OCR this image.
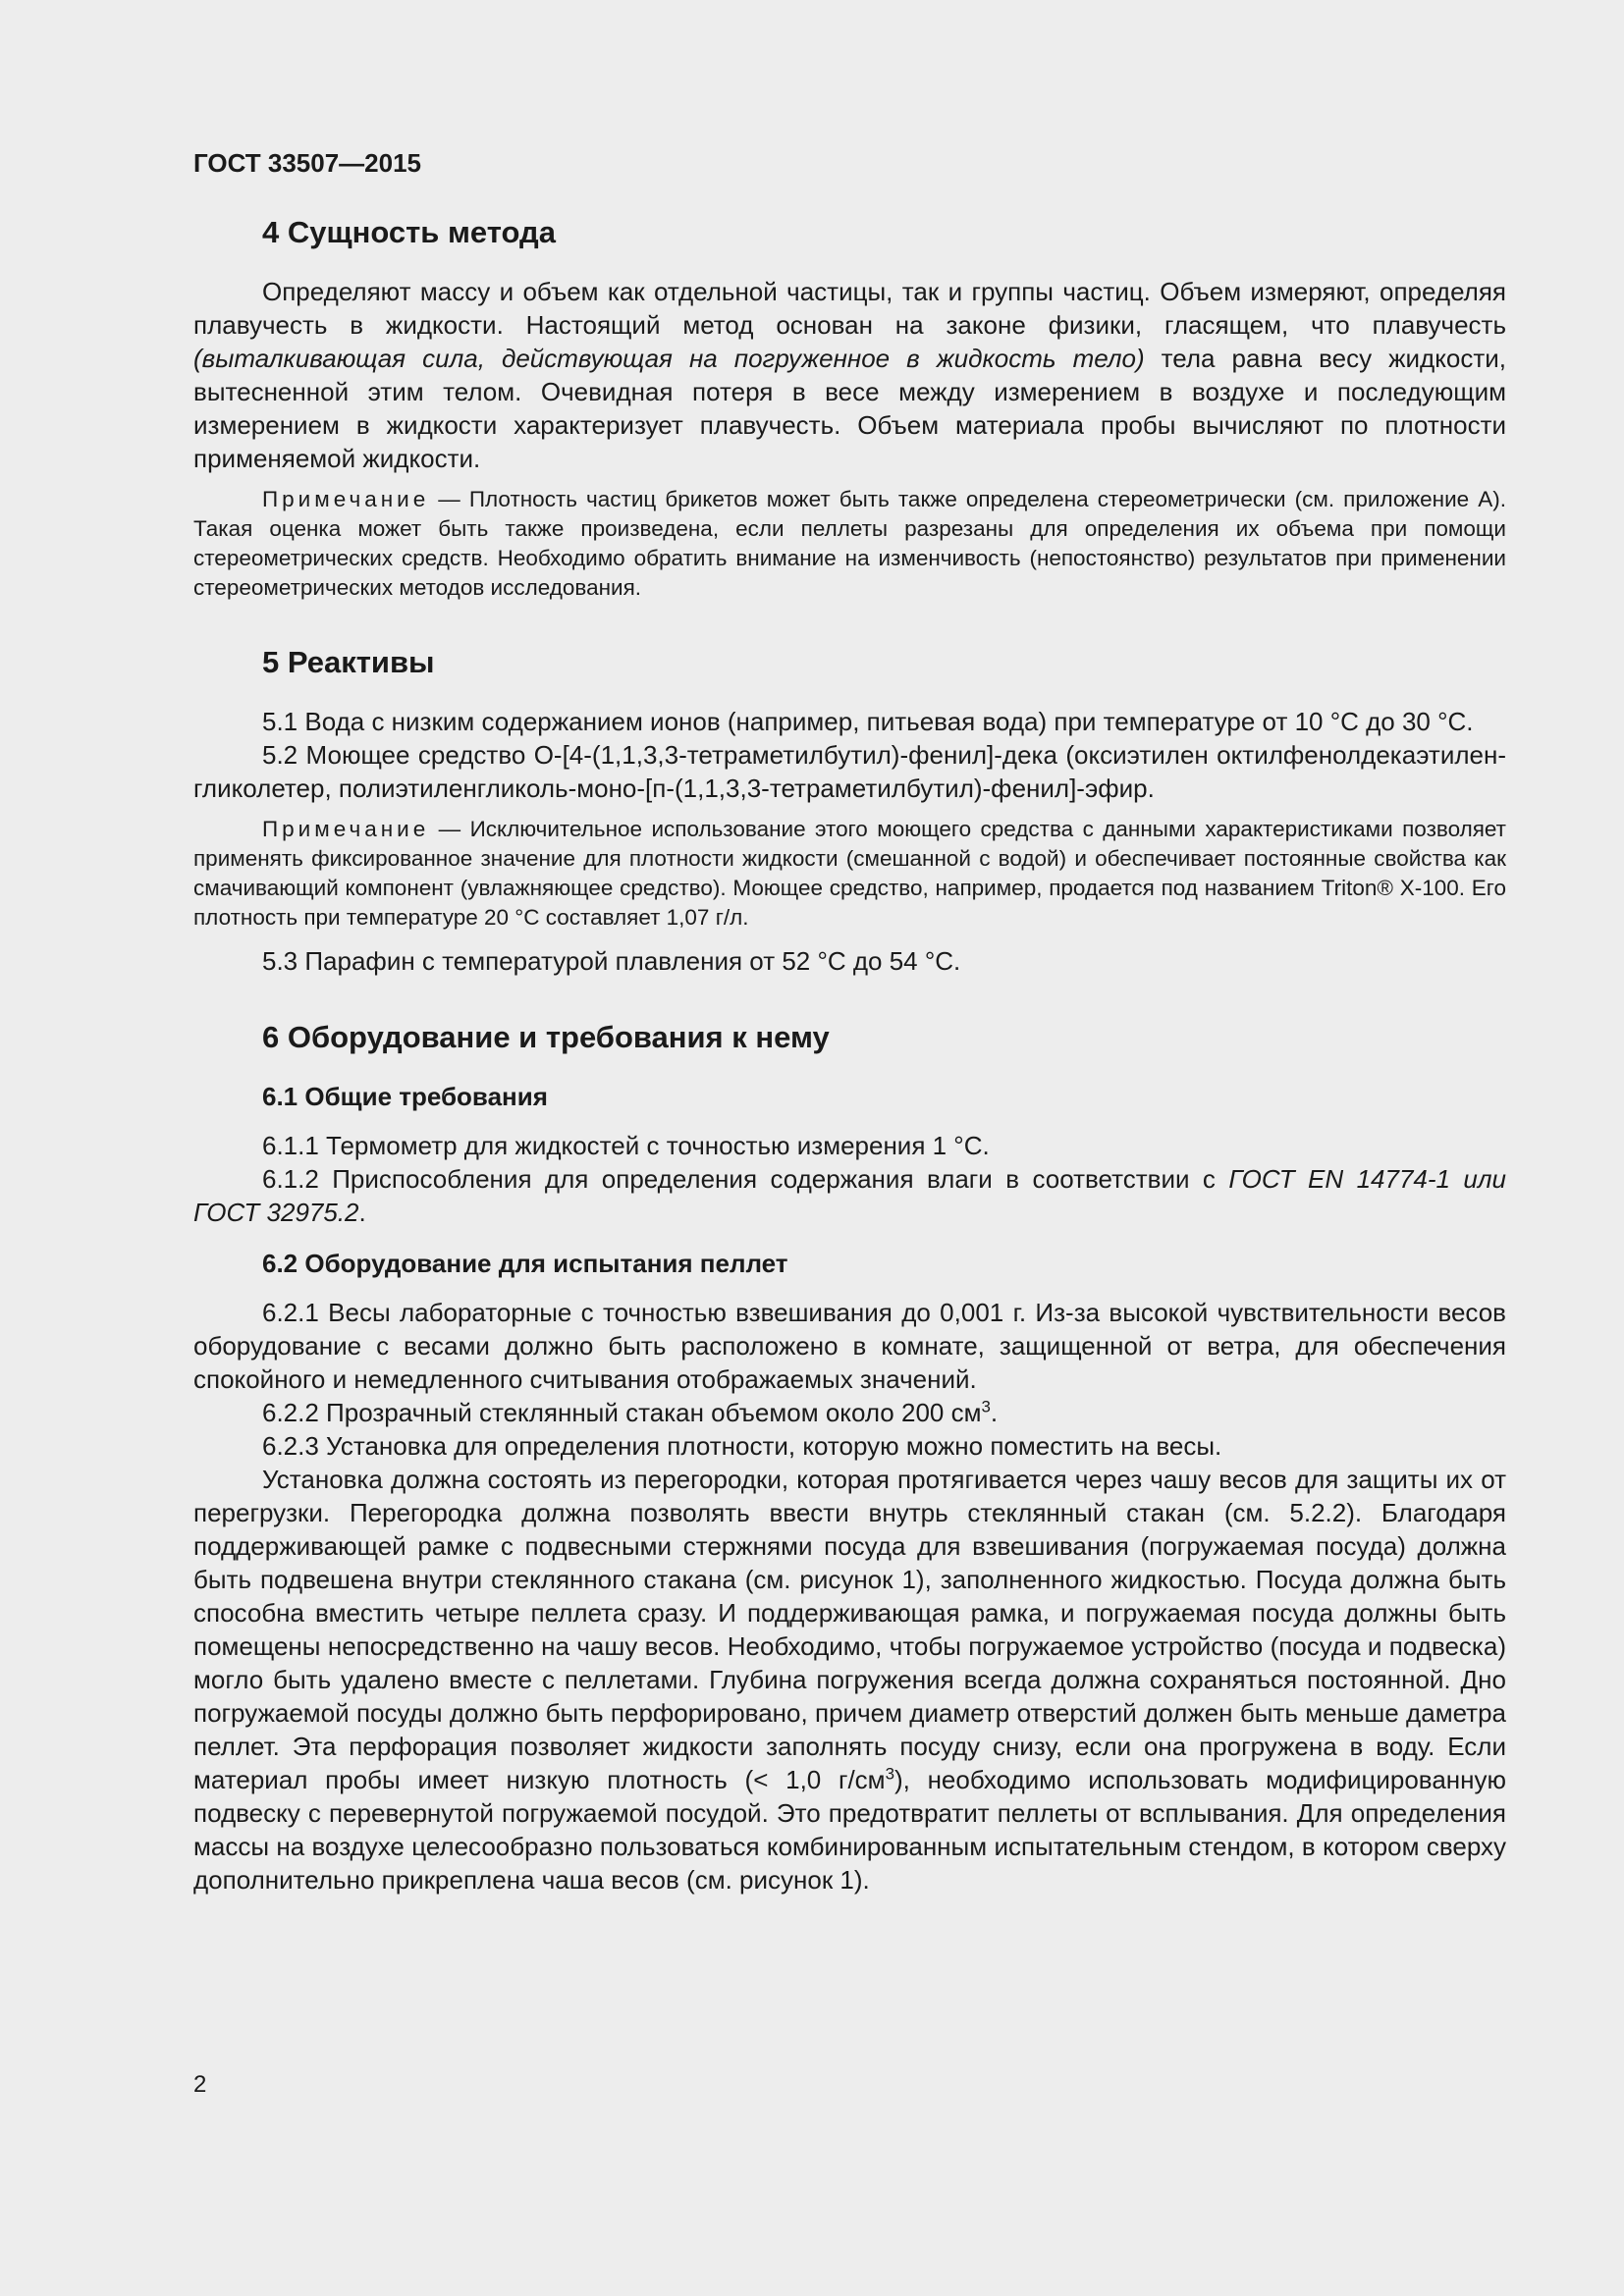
ГОСТ 33507—2015
4 Сущность метода

Определяют массу и объем как отдельной частицы, так и группы частиц. Объем измеряют, определяя плавучесть в жидкости. Настоящий метод основан на законе физики, гласящем, что плавучесть (выталкивающая сила, действующая на погруженное в жидкость тело) тела равна весу жидкости, вытесненной этим телом. Очевидная потеря в весе между измерением в воздухе и последующим измерением в жидкости характеризует плавучесть. Объем материала пробы вычисляют по плотности применяемой жидкости.

Примечание — Плотность частиц брикетов может быть также определена стереометрически (см. приложение А). Такая оценка может быть также произведена, если пеллеты разрезаны для определения их объема при помощи стереометрических средств. Необходимо обратить внимание на изменчивость (непостоянство) результатов при применении стереометрических методов исследования.

5 Реактивы

5.1 Вода с низким содержанием ионов (например, питьевая вода) при температуре от 10 °С до 30 °С.

5.2 Моющее средство О-[4-(1,1,3,3-тетраметилбутил)-фенил]-дека (оксиэтилен октилфенолдекаэтилен-гликолетер, полиэтиленгликоль-моно-[п-(1,1,3,3-тетраметилбутил)-фенил]-эфир.

Примечание — Исключительное использование этого моющего средства с данными характеристиками позволяет применять фиксированное значение для плотности жидкости (смешанной с водой) и обеспечивает постоянные свойства как смачивающий компонент (увлажняющее средство). Моющее средство, например, продается под названием Triton® X-100. Его плотность при температуре 20 °С составляет 1,07 г/л.

5.3 Парафин с температурой плавления от 52 °С до 54 °С.

6 Оборудование и требования к нему
6.1 Общие требования

6.1.1 Термометр для жидкостей с точностью измерения 1 °С.

6.1.2 Приспособления для определения содержания влаги в соответствии с ГОСТ EN 14774-1 или ГОСТ 32975.2.

6.2 Оборудование для испытания пеллет

6.2.1 Весы лабораторные с точностью взвешивания до 0,001 г. Из-за высокой чувствительности весов оборудование с весами должно быть расположено в комнате, защищенной от ветра, для обеспечения спокойного и немедленного считывания отображаемых значений.

6.2.2 Прозрачный стеклянный стакан объемом около 200 $см^3$.

6.2.3 Установка для определения плотности, которую можно поместить на весы.

Установка должна состоять из перегородки, которая протягивается через чашу весов для защиты их от перегрузки. Перегородка должна позволять ввести внутрь стеклянный стакан (см. 5.2.2). Благодаря поддерживающей рамке с подвесными стержнями посуда для взвешивания (погружаемая посуда) должна быть подвешена внутри стеклянного стакана (см. рисунок 1), заполненного жидкостью. Посуда должна быть способна вместить четыре пеллета сразу. И поддерживающая рамка, и погружаемая посуда должны быть помещены непосредственно на чашу весов. Необходимо, чтобы погружаемое устройство (посуда и подвеска) могло быть удалено вместе с пеллетами. Глубина погружения всегда должна сохраняться постоянной. Дно погружаемой посуды должно быть перфорировано, причем диаметр отверстий должен быть меньше даметра пеллет. Эта перфорация позволяет жидкости заполнять посуду снизу, если она прогружена в воду. Если материал пробы имеет низкую плотность (< 1,0 $г/см^3$), необходимо использовать модифицированную подвеску с перевернутой погружаемой посудой. Это предотвратит пеллеты от всплывания. Для определения массы на воздухе целесообразно пользоваться комбинированным испытательным стендом, в котором сверху дополнительно прикреплена чаша весов (см. рисунок 1).

2
